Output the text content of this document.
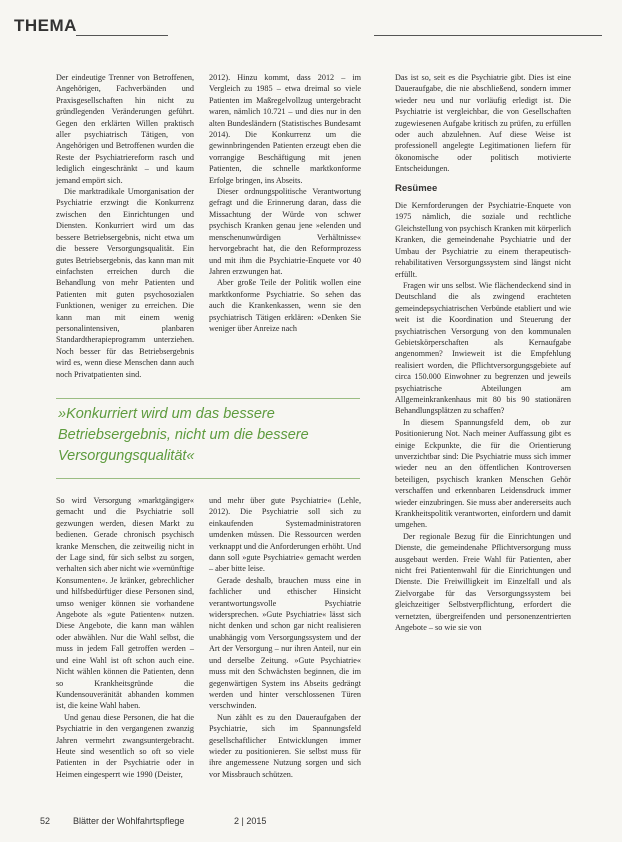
THEMA

Der eindeutige Trenner von Betroffenen, Angehörigen, Fachverbänden und Praxisgesellschaften hin nicht zu gründlegenden Veränderungen geführt. Gegen den erklärten Willen praktisch aller psychiatrisch Tätigen, von Angehörigen und Betroffenen wurden die Reste der Psychiatriereform rasch und lediglich eingeschränkt – und kaum jemand empört sich.

Die marktradikale Umorganisation der Psychiatrie erzwingt die Konkurrenz zwischen den Einrichtungen und Diensten. Konkurriert wird um das bessere Betriebsergebnis, nicht etwa um die bessere Versorgungsqualität. Ein gutes Betriebsergebnis, das kann man mit einfachsten erreichen durch die Behandlung von mehr Patienten und Patienten mit guten psychosozialen Funktionen, weniger zu erreichen. Die kann man mit einem wenig personalintensiven, planbaren Standardtherapieprogramm unterziehen. Noch besser für das Betriebsergebnis wird es, wenn diese Menschen dann auch noch Privatpatienten sind.

2012). Hinzu kommt, dass 2012 – im Vergleich zu 1985 – etwa dreimal so viele Patienten im Maßregelvollzug untergebracht waren, nämlich 10.721 – und dies nur in den alten Bundesländern (Statistisches Bundesamt 2014). Die Konkurrenz um die gewinnbringenden Patienten erzeugt eben die vorrangige Beschäftigung mit jenen Patienten, die schnelle marktkonforme Erfolge bringen, ins Abseits.

Dieser ordnungspolitische Verantwortung gefragt und die Erinnerung daran, dass die Missachtung der Würde von schwer psychisch Kranken genau jene »elenden und menschenunwürdigen Verhältnisse« hervorgebracht hat, die den Reformprozess und mit ihm die Psychiatrie-Enquete vor 40 Jahren erzwungen hat.

Aber große Teile der Politik wollen eine marktkonforme Psychiatrie. So sehen das auch die Krankenkassen, wenn sie den psychiatrisch Tätigen erklären: »Denken Sie weniger über Anreize nach

Das ist so, seit es die Psychiatrie gibt. Dies ist eine Daueraufgabe, die nie abschließend, sondern immer wieder neu und nur vorläufig erledigt ist. Die Psychiatrie ist vergleichbar, die von Gesellschaften zugewiesenen Aufgabe kritisch zu prüfen, zu erfüllen oder auch abzulehnen. Auf diese Weise ist professionell angelegte Legitimationen liefern für ökonomische oder politisch motivierte Entscheidungen.

Resümee

Die Kernforderungen der Psychiatrie-Enquete von 1975 nämlich, die soziale und rechtliche Gleichstellung von psychisch Kranken mit körperlich Kranken, die gemeindenahe Psychiatrie und der Umbau der Psychiatrie zu einem therapeutisch-rehabilitativen Versorgungssystem sind längst nicht erfüllt.

Fragen wir uns selbst. Wie flächendeckend sind in Deutschland die als zwingend erachteten gemeindepsychiatrischen Verbünde etabliert und wie weit ist die Koordination und Steuerung der psychiatrischen Versorgung von den kommunalen Gebietskörperschaften als Kernaufgabe angenommen? Inwieweit ist die Empfehlung realisiert worden, die Pflichtversorgungsgebiete auf circa 150.000 Einwohner zu begrenzen und jeweils psychiatrische Abteilungen am Allgemeinkrankenhaus mit 80 bis 90 stationären Behandlungsplätzen zu schaffen?

In diesem Spannungsfeld dem, ob zur Positionierung Not. Nach meiner Auffassung gibt es einige Eckpunkte, die für die Orientierung unverzichtbar sind: Die Psychiatrie muss sich immer wieder neu an den öffentlichen Kontroversen beteiligen, psychisch kranken Menschen Gehör verschaffen und erkennbaren Leidensdruck immer wieder einzubringen. Sie muss aber andererseits auch Krankheitspolitik verantworten, einfordern und damit umgehen.

Der regionale Bezug für die Einrichtungen und Dienste, die gemeindenahe Pflichtversorgung muss ausgebaut werden. Freie Wahl für Patienten, aber nicht frei Patientenwahl für die Einrichtungen und Dienste. Die Freiwilligkeit im Einzelfall und als Zielvorgabe für das Versorgungssystem bei gleichzeitiger Selbstverpflichtung, erfordert die vernetzten, übergreifenden und personenzentrierten Angebote – so wie sie von

»Konkurriert wird um das bessere Betriebsergebnis, nicht um die bessere Versorgungsqualität«

So wird Versorgung »marktgängiger« gemacht und die Psychiatrie soll gezwungen werden, diesen Markt zu bedienen. Gerade chronisch psychisch kranke Menschen, die zeitweilig nicht in der Lage sind, für sich selbst zu sorgen, verhalten sich aber nicht wie »vernünftige Konsumenten«. Je kränker, gebrechlicher und hilfsbedürftiger diese Personen sind, umso weniger können sie vorhandene Angebote als »gute Patienten« nutzen. Diese Angebote, die kann man wählen oder abwählen. Nur die Wahl selbst, die muss in jedem Fall getroffen werden – und eine Wahl ist oft schon auch eine. Nicht wählen können die Patienten, denn so Krankheitsgründe die Kundensouveränität abhanden kommen ist, die keine Wahl haben.

Und genau diese Personen, die hat die Psychiatrie in den vergangenen zwanzig Jahren vermehrt zwangsuntergebracht. Heute sind wesentlich so oft so viele Patienten in der Psychiatrie oder in Heimen eingesperrt wie 1990 (Deister,

und mehr über gute Psychiatrie« (Lehle, 2012). Die Psychiatrie soll sich zu einkaufenden Systemadministratoren umdenken müssen. Die Ressourcen werden verknappt und die Anforderungen erhöht. Und dann soll »gute Psychiatrie« gemacht werden – aber bitte leise.

Gerade deshalb, brauchen muss eine in fachlicher und ethischer Hinsicht verantwortungsvolle Psychiatrie widersprechen. »Gute Psychiatrie« lässt sich nicht denken und schon gar nicht realisieren unabhängig vom Versorgungssystem und der Art der Versorgung – nur ihren Anteil, nur ein und derselbe Zeitung. »Gute Psychiatrie« muss mit den Schwächsten beginnen, die im gegenwärtigen System ins Abseits gedrängt werden und hinter verschlossenen Türen verschwinden.

Nun zählt es zu den Daueraufgaben der Psychiatrie, sich im Spannungsfeld gesellschaftlicher Entwicklungen immer wieder zu positionieren. Sie selbst muss für ihre angemessene Nutzung sorgen und sich vor Missbrauch schützen.

52	Blätter der Wohlfahrtspflege	2 | 2015
